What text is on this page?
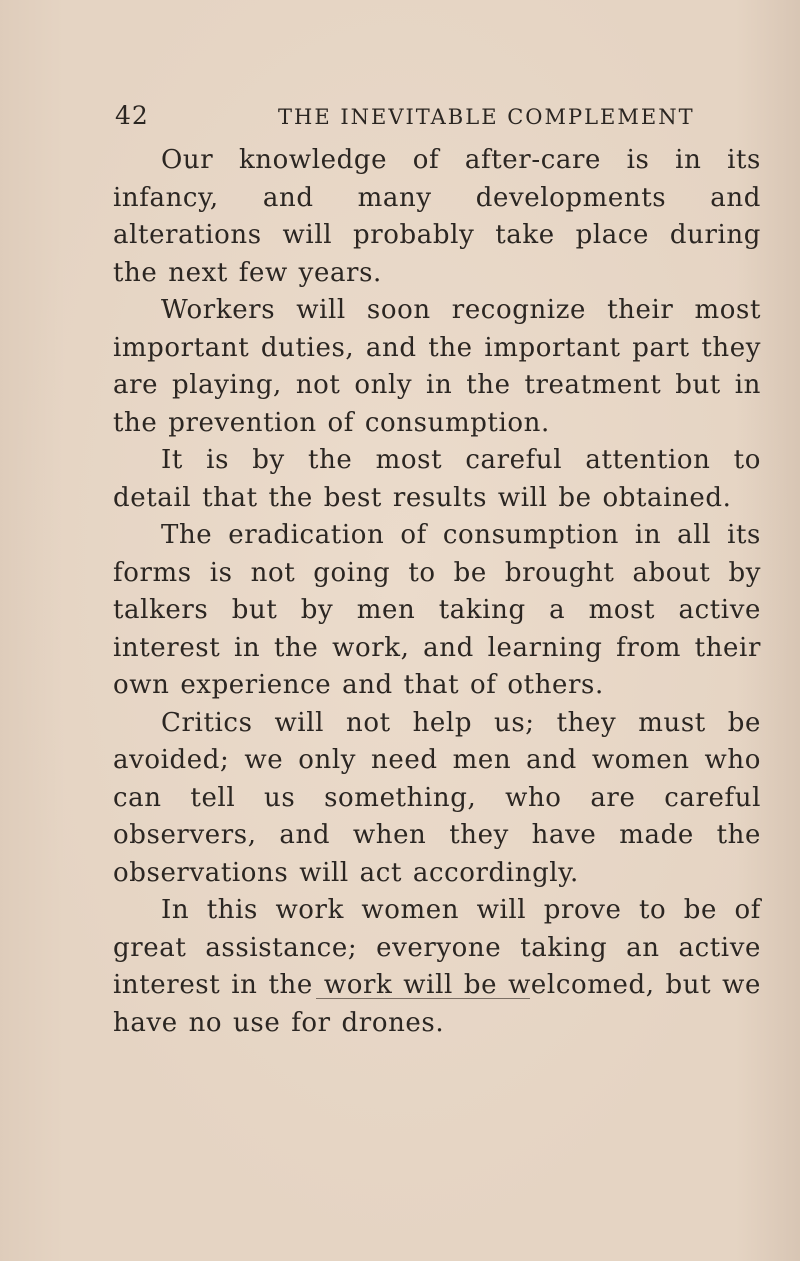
42	THE INEVITABLE COMPLEMENT

Our knowledge of after-care is in its infancy, and many developments and alterations will probably take place during the next few years.

Workers will soon recognize their most important duties, and the important part they are playing, not only in the treatment but in the prevention of consumption.

It is by the most careful attention to detail that the best results will be obtained.

The eradication of consumption in all its forms is not going to be brought about by talkers but by men taking a most active interest in the work, and learning from their own experience and that of others.

Critics will not help us; they must be avoided; we only need men and women who can tell us something, who are careful observers, and when they have made the observations will act accordingly.

In this work women will prove to be of great assistance; everyone taking an active interest in the work will be welcomed, but we have no use for drones.
